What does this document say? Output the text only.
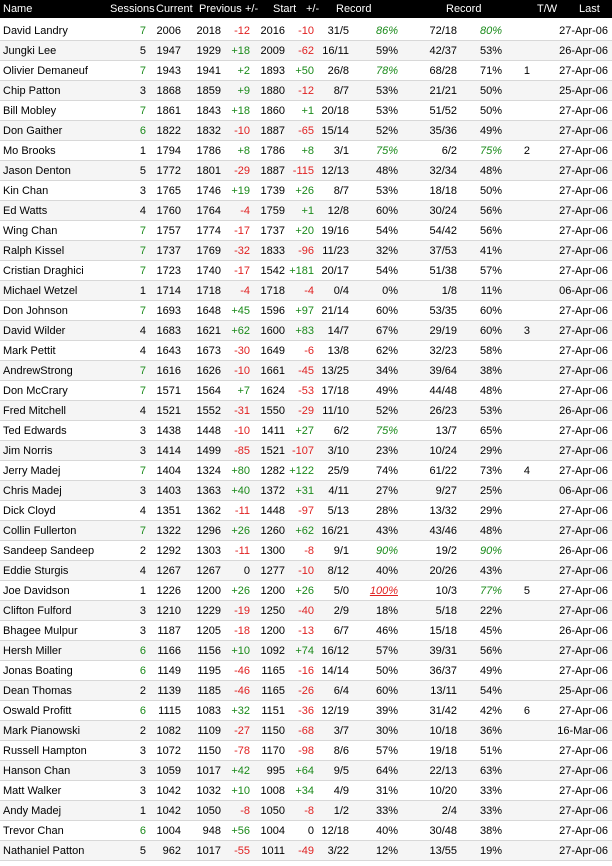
Name	Sessions Current Previous +/- Start +/- Record	Record	T/W Last
David Landry	7 2006	2018	-12 2016	-10	31/5	86%	72/18	80%	27-Apr-06
Jungki Lee	5 1947	1929 +18 2009	-62 16/11	59%	42/37	53%	26-Apr-06
Olivier Demaneuf	7 1943	1941	+2 1893 +50	26/8	78%	68/28	71%	1	27-Apr-06
Chip Patton	3 1868	1859	+9 1880	-12	8/7	53%	21/21	50%	25-Apr-06
Bill Mobley	7 1861	1843 +18 1860	+1 20/18	53%	51/52	50%	27-Apr-06
Don Gaither	6 1822	1832	-10 1887	-65 15/14	52%	35/36	49%	27-Apr-06
Mo Brooks	1 1794	1786	+8 1786	+8	3/1	75%	6/2	75%	2	27-Apr-06
Jason Denton	5 1772	1801	-29 1887 -115 12/13	48%	32/34	48%	27-Apr-06
Kin Chan	3 1765	1746 +19 1739 +26	8/7	53%	18/18	50%	27-Apr-06
Ed Watts	4 1760	1764	-4 1759	+1	12/8	60%	30/24	56%	27-Apr-06
Wing Chan	7 1757	1774	-17 1737 +20 19/16	54%	54/42	56%	27-Apr-06
Ralph Kissel	7 1737	1769	-32 1833	-96 11/23	32%	37/53	41%	27-Apr-06
Cristian Draghici	7 1723	1740	-17 1542 +181 20/17	54%	51/38	57%	27-Apr-06
Michael Wetzel	1 1714	1718	-4 1718	-4	0/4	0%	1/8	11%	06-Apr-06
Don Johnson	7 1693	1648 +45 1596 +97 21/14	60%	53/35	60%	27-Apr-06
David Wilder	4 1683	1621 +62 1600 +83	14/7	67%	29/19	60%	3	27-Apr-06
Mark Pettit	4 1643	1673	-30 1649	-6	13/8	62%	32/23	58%	27-Apr-06
AndrewStrong	7 1616	1626	-10 1661	-45 13/25	34%	39/64	38%	27-Apr-06
Don McCrary	7 1571	1564	+7 1624	-53 17/18	49%	44/48	48%	27-Apr-06
Fred Mitchell	4 1521	1552	-31 1550	-29 11/10	52%	26/23	53%	26-Apr-06
Ted Edwards	3 1438	1448	-10	1411 +27	6/2	75%	13/7	65%	27-Apr-06
Jim Norris	3 1414	1499	-85 1521 -107	3/10	23%	10/24	29%	27-Apr-06
Jerry Madej	7 1404	1324 +80 1282 +122	25/9	74%	61/22	73%	4	27-Apr-06
Chris Madej	3 1403	1363 +40 1372 +31	4/11	27%	9/27	25%	06-Apr-06
Dick Cloyd	4 1351	1362	-11 1448	-97	5/13	28%	13/32	29%	27-Apr-06
Collin Fullerton	7 1322	1296 +26 1260 +62 16/21	43%	43/46	48%	27-Apr-06
Sandeep Sandeep	2 1292	1303	-11 1300	-8	9/1	90%	19/2	90%	26-Apr-06
Eddie Sturgis	4 1267	1267	0 1277	-10	8/12	40%	20/26	43%	27-Apr-06
Joe Davidson	1 1226	1200 +26 1200 +26	5/0	100%	10/3	77%	5	27-Apr-06
Clifton Fulford	3 1210	1229	-19 1250	-40	2/9	18%	5/18	22%	27-Apr-06
Bhagee Mulpur	3	1187	1205	-18 1200	-13	6/7	46%	15/18	45%	26-Apr-06
Hersh Miller	6	1166	1156 +10 1092 +74 16/12	57%	39/31	56%	27-Apr-06
Jonas Boating	6	1149	1195	-46	1165	-16 14/14	50%	36/37	49%	27-Apr-06
Dean Thomas	2	1139	1185	-46	1165	-26	6/4	60%	13/11	54%	25-Apr-06
Oswald Profitt	6	1115	1083 +32	1151	-36 12/19	39%	31/42	42%	6	27-Apr-06
Mark Pianowski	2 1082	1109	-27	1150	-68	3/7	30%	10/18	36%	16-Mar-06
Russell Hampton	3 1072	1150	-78	1170	-98	8/6	57%	19/18	51%	27-Apr-06
Hanson Chan	3 1059	1017 +42	995 +64	9/5	64%	22/13	63%	27-Apr-06
Matt Walker	3 1042	1032 +10 1008 +34	4/9	31%	10/20	33%	27-Apr-06
Andy Madej	1 1042	1050	-8 1050	-8	1/2	33%	2/4	33%	27-Apr-06
Trevor Chan	6 1004	948 +56 1004	0 12/18	40%	30/48	38%	27-Apr-06
Nathaniel Patton	5	962	1017	-55	1011	-49	3/22	12%	13/55	19%	27-Apr-06
